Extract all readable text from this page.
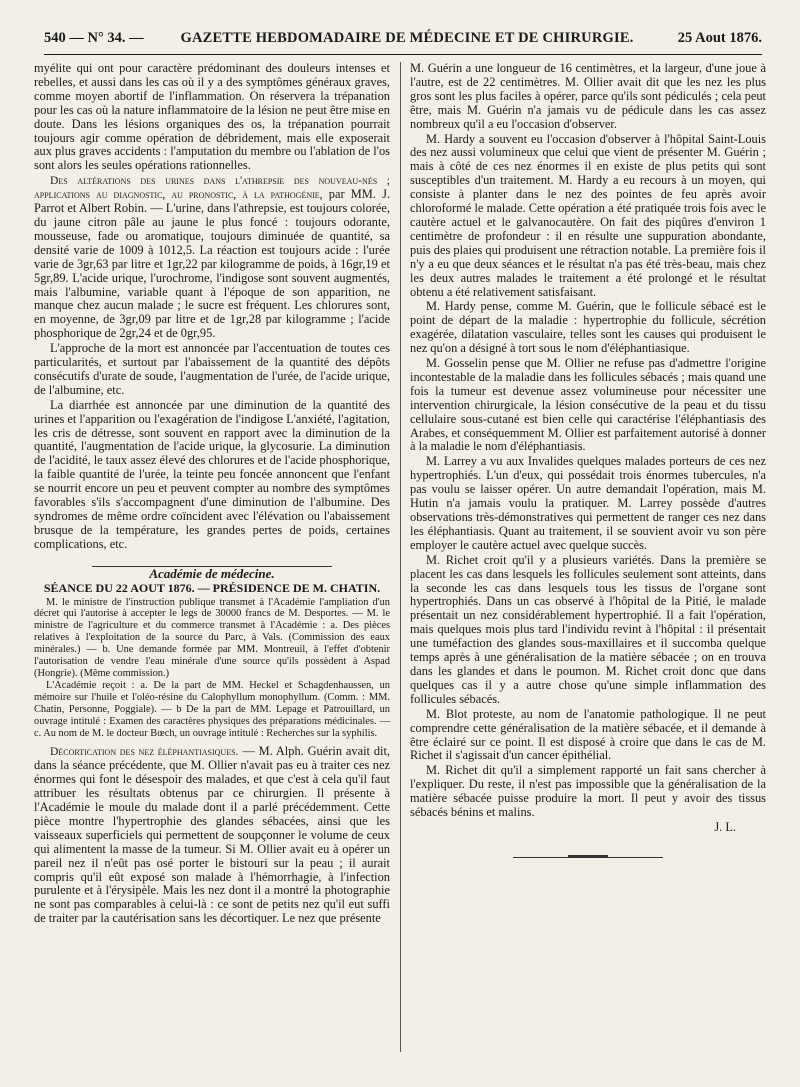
540 — N° 34. —	GAZETTE HEBDOMADAIRE DE MÉDECINE ET DE CHIRURGIE.	25 Aout 1876.

myélite qui ont pour caractère prédominant des douleurs intenses et rebelles, et aussi dans les cas où il y a des symptômes généraux graves, comme moyen abortif de l'inflammation. On réservera la trépanation pour les cas où la nature inflammatoire de la lésion ne peut être mise en doute. Dans les lésions organiques des os, la trépanation pourrait toujours agir comme opération de débridement, mais elle exposerait aux plus graves accidents : l'amputation du membre ou l'ablation de l'os sont alors les seules opérations rationnelles.

Des altérations des urines dans l'athrepsie des nouveau-nés ; applications au diagnostic, au pronostic, à la pathogénie, par MM. J. Parrot et Albert Robin. — L'urine, dans l'athrepsie, est toujours colorée, du jaune citron pâle au jaune le plus foncé : toujours odorante, mousseuse, fade ou aromatique, toujours diminuée de quantité, sa densité varie de 1009 à 1012,5. La réaction est toujours acide : l'urée varie de 3gr,63 par litre et 1gr,22 par kilogramme de poids, à 16gr,19 et 5gr,89. L'acide urique, l'urochrome, l'indigose sont souvent augmentés, mais l'albumine, variable quant à l'époque de son apparition, ne manque chez aucun malade ; le sucre est fréquent. Les chlorures sont, en moyenne, de 3gr,09 par litre et de 1gr,28 par kilogramme ; l'acide phosphorique de 2gr,24 et de 0gr,95.

L'approche de la mort est annoncée par l'accentuation de toutes ces particularités, et surtout par l'abaissement de la quantité des dépôts consécutifs d'urate de soude, l'augmentation de l'urée, de l'acide urique, de l'albumine, etc.

La diarrhée est annoncée par une diminution de la quantité des urines et l'apparition ou l'exagération de l'indigose L'anxiété, l'agitation, les cris de détresse, sont souvent en rapport avec la diminution de la quantité, l'augmentation de l'acide urique, la glycosurie. La diminution de l'acidité, le taux assez élevé des chlorures et de l'acide phosphorique, la faible quantité de l'urée, la teinte peu foncée annoncent que l'enfant se nourrit encore un peu et peuvent compter au nombre des symptômes favorables s'ils s'accompagnent d'une diminution de l'albumine. Des syndromes de même ordre coïncident avec l'élévation ou l'abaissement brusque de la température, les grandes pertes de poids, certaines complications, etc.

Académie de médecine.

SÉANCE DU 22 AOUT 1876. — PRÉSIDENCE DE M. CHATIN.

M. le ministre de l'instruction publique transmet à l'Académie l'ampliation d'un décret qui l'autorise à accepter le legs de 30000 francs de M. Desportes. — M. le ministre de l'agriculture et du commerce transmet à l'Académie : a. Des pièces relatives à l'exploitation de la source du Parc, à Vals. (Commission des eaux minérales.) — b. Une demande formée par MM. Montreuil, à l'effet d'obtenir l'autorisation de vendre l'eau minérale d'une source qu'ils possèdent à Aspad (Hongrie). (Même commission.)

L'Académie reçoit : a. De la part de MM. Heckel et Schagdenhaussen, un mémoire sur l'huile et l'oléo-résine du Calophyllum monophyllum. (Comm. : MM. Chatin, Personne, Poggiale). — b De la part de MM. Lepage et Patrouillard, un ouvrage intitulé : Examen des caractères physiques des préparations médicinales. — c. Au nom de M. le docteur Bœch, un ouvrage intitulé : Recherches sur la syphilis.

Décortication des nez éléphantiasiques. — M. Alph. Guérin avait dit, dans la séance précédente, que M. Ollier n'avait pas eu à traiter ces nez énormes qui font le désespoir des malades, et que c'est à cela qu'il faut attribuer les résultats obtenus par ce chirurgien. Il présente à l'Académie le moule du malade dont il a parlé précédemment. Cette pièce montre l'hypertrophie des glandes sébacées, ainsi que les vaisseaux superficiels qui permettent de soupçonner le volume de ceux qui alimentent la masse de la tumeur. Si M. Ollier avait eu à opérer un pareil nez il n'eût pas osé porter le bistouri sur la peau ; il aurait compris qu'il eût exposé son malade à l'hémorrhagie, à l'infection purulente et à l'érysipèle. Mais les nez dont il a montré la photographie ne sont pas comparables à celui-là : ce sont de petits nez qu'il eut suffi de traiter par la cautérisation sans les décortiquer. Le nez que présente

M. Guérin a une longueur de 16 centimètres, et la largeur, d'une joue à l'autre, est de 22 centimètres. M. Ollier avait dit que les nez les plus gros sont les plus faciles à opérer, parce qu'ils sont pédiculés ; cela peut être, mais M. Guérin n'a jamais vu de pédicule dans les cas assez nombreux qu'il a eu l'occasion d'observer.

M. Hardy a souvent eu l'occasion d'observer à l'hôpital Saint-Louis des nez aussi volumineux que celui que vient de présenter M. Guérin ; mais à côté de ces nez énormes il en existe de plus petits qui sont susceptibles d'un traitement. M. Hardy a eu recours à un moyen, qui consiste à planter dans le nez des pointes de feu après avoir chloroformé le malade. Cette opération a été pratiquée trois fois avec le cautère actuel et le galvanocautère. On fait des piqûres d'environ 1 centimètre de profondeur : il en résulte une suppuration abondante, puis des plaies qui produisent une rétraction notable. La première fois il n'y a eu que deux séances et le résultat n'a pas été très-beau, mais chez les deux autres malades le traitement a été prolongé et le résultat obtenu a été relativement satisfaisant.

M. Hardy pense, comme M. Guérin, que le follicule sébacé est le point de départ de la maladie : hypertrophie du follicule, sécrétion exagérée, dilatation vasculaire, telles sont les causes qui produisent le nez qu'on a désigné à tort sous le nom d'éléphantiasique.

M. Gosselin pense que M. Ollier ne refuse pas d'admettre l'origine incontestable de la maladie dans les follicules sébacés ; mais quand une fois la tumeur est devenue assez volumineuse pour nécessiter une intervention chirurgicale, la lésion consécutive de la peau et du tissu cellulaire sous-cutané est bien celle qui caractérise l'éléphantiasis des Arabes, et conséquemment M. Ollier est parfaitement autorisé à donner à la maladie le nom d'éléphantiasis.

M. Larrey a vu aux Invalides quelques malades porteurs de ces nez hypertrophiés. L'un d'eux, qui possédait trois énormes tubercules, n'a pas voulu se laisser opérer. Un autre demandait l'opération, mais M. Hutin n'a jamais voulu la pratiquer. M. Larrey possède d'autres observations très-démonstratives qui permettent de ranger ces nez dans les éléphantiasis. Quant au traitement, il se souvient avoir vu son père employer le cautère actuel avec quelque succès.

M. Richet croit qu'il y a plusieurs variétés. Dans la première se placent les cas dans lesquels les follicules seulement sont atteints, dans la seconde les cas dans lesquels tous les tissus de l'organe sont hypertrophiés. Dans un cas observé à l'hôpital de la Pitié, le malade présentait un nez considérablement hypertrophié. Il a fait l'opération, mais quelques mois plus tard l'individu revint à l'hôpital : il présentait une tuméfaction des glandes sous-maxillaires et il succomba quelque temps après à une généralisation de la matière sébacée ; on en trouva dans les glandes et dans le poumon. M. Richet croit donc que dans quelques cas il y a autre chose qu'une simple inflammation des follicules sébacés.

M. Blot proteste, au nom de l'anatomie pathologique. Il ne peut comprendre cette généralisation de la matière sébacée, et il demande à être éclairé sur ce point. Il est disposé à croire que dans le cas de M. Richet il s'agissait d'un cancer épithélial.

M. Richet dit qu'il a simplement rapporté un fait sans chercher à l'expliquer. Du reste, il n'est pas impossible que la généralisation de la matière sébacée puisse produire la mort. Il peut y avoir des tissus sébacés bénins et malins.

J. L.
